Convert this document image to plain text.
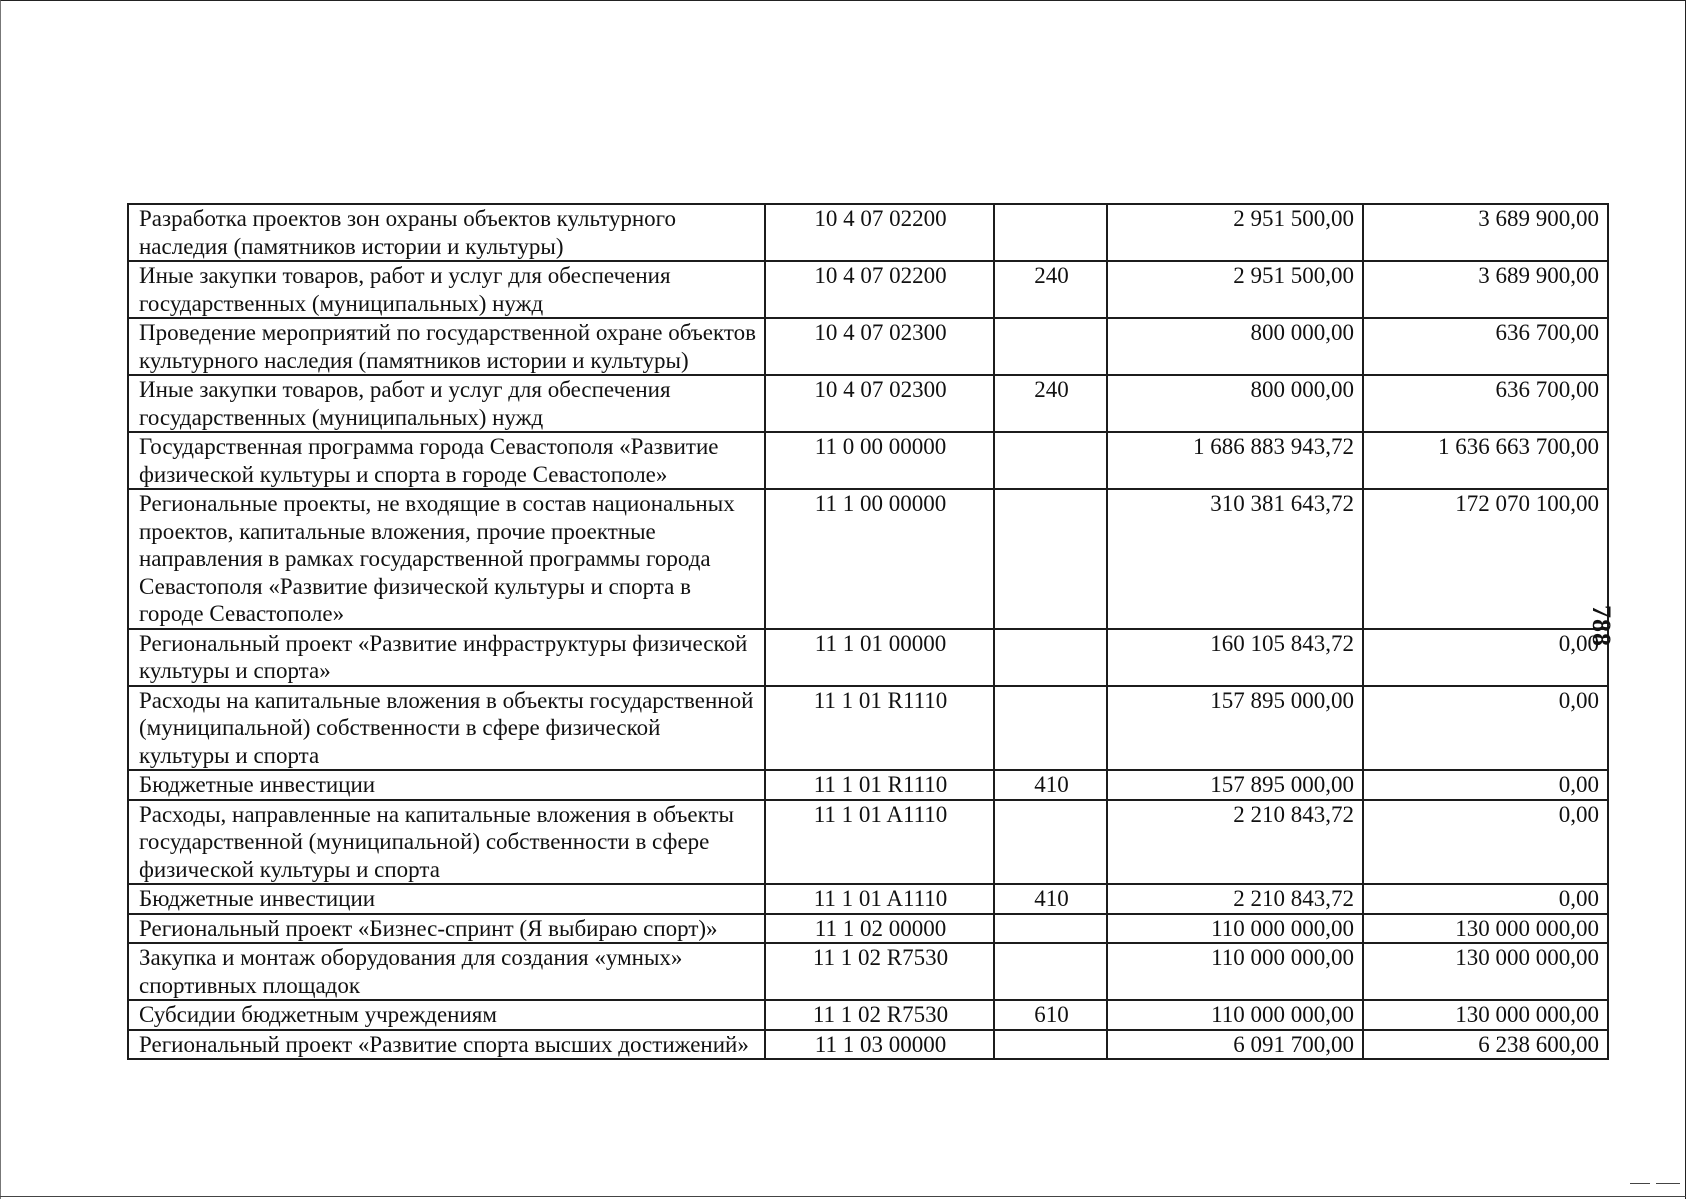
Разработка проектов зон охраны объектов культурного наследия (памятников истории и культуры)	10 4 07 02200		2 951 500,00	3 689 900,00
Иные закупки товаров, работ и услуг для обеспечения государственных (муниципальных) нужд	10 4 07 02200	240	2 951 500,00	3 689 900,00
Проведение мероприятий по государственной охране объектов культурного наследия (памятников истории и культуры)	10 4 07 02300		800 000,00	636 700,00
Иные закупки товаров, работ и услуг для обеспечения государственных (муниципальных) нужд	10 4 07 02300	240	800 000,00	636 700,00
Государственная программа города Севастополя «Развитие физической культуры и спорта в городе Севастополе»	11 0 00 00000		1 686 883 943,72	1 636 663 700,00
Региональные проекты, не входящие в состав национальных проектов, капитальные вложения, прочие проектные направления в рамках государственной программы города Севастополя «Развитие физической культуры и спорта в городе Севастополе»	11 1 00 00000		310 381 643,72	172 070 100,00
Региональный проект «Развитие инфраструктуры физической культуры и спорта»	11 1 01 00000		160 105 843,72	0,00
Расходы на капитальные вложения в объекты государственной (муниципальной) собственности в сфере физической культуры и спорта	11 1 01 R1110		157 895 000,00	0,00
Бюджетные инвестиции	11 1 01 R1110	410	157 895 000,00	0,00
Расходы, направленные на капитальные вложения в объекты государственной (муниципальной) собственности в сфере физической культуры и спорта	11 1 01 A1110		2 210 843,72	0,00
Бюджетные инвестиции	11 1 01 A1110	410	2 210 843,72	0,00
Региональный проект «Бизнес-спринт (Я выбираю спорт)»	11 1 02 00000		110 000 000,00	130 000 000,00
Закупка и монтаж оборудования для создания «умных» спортивных площадок	11 1 02 R7530		110 000 000,00	130 000 000,00
Субсидии бюджетным учреждениям	11 1 02 R7530	610	110 000 000,00	130 000 000,00
Региональный проект «Развитие спорта высших достижений»	11 1 03 00000		6 091 700,00	6 238 600,00
788
